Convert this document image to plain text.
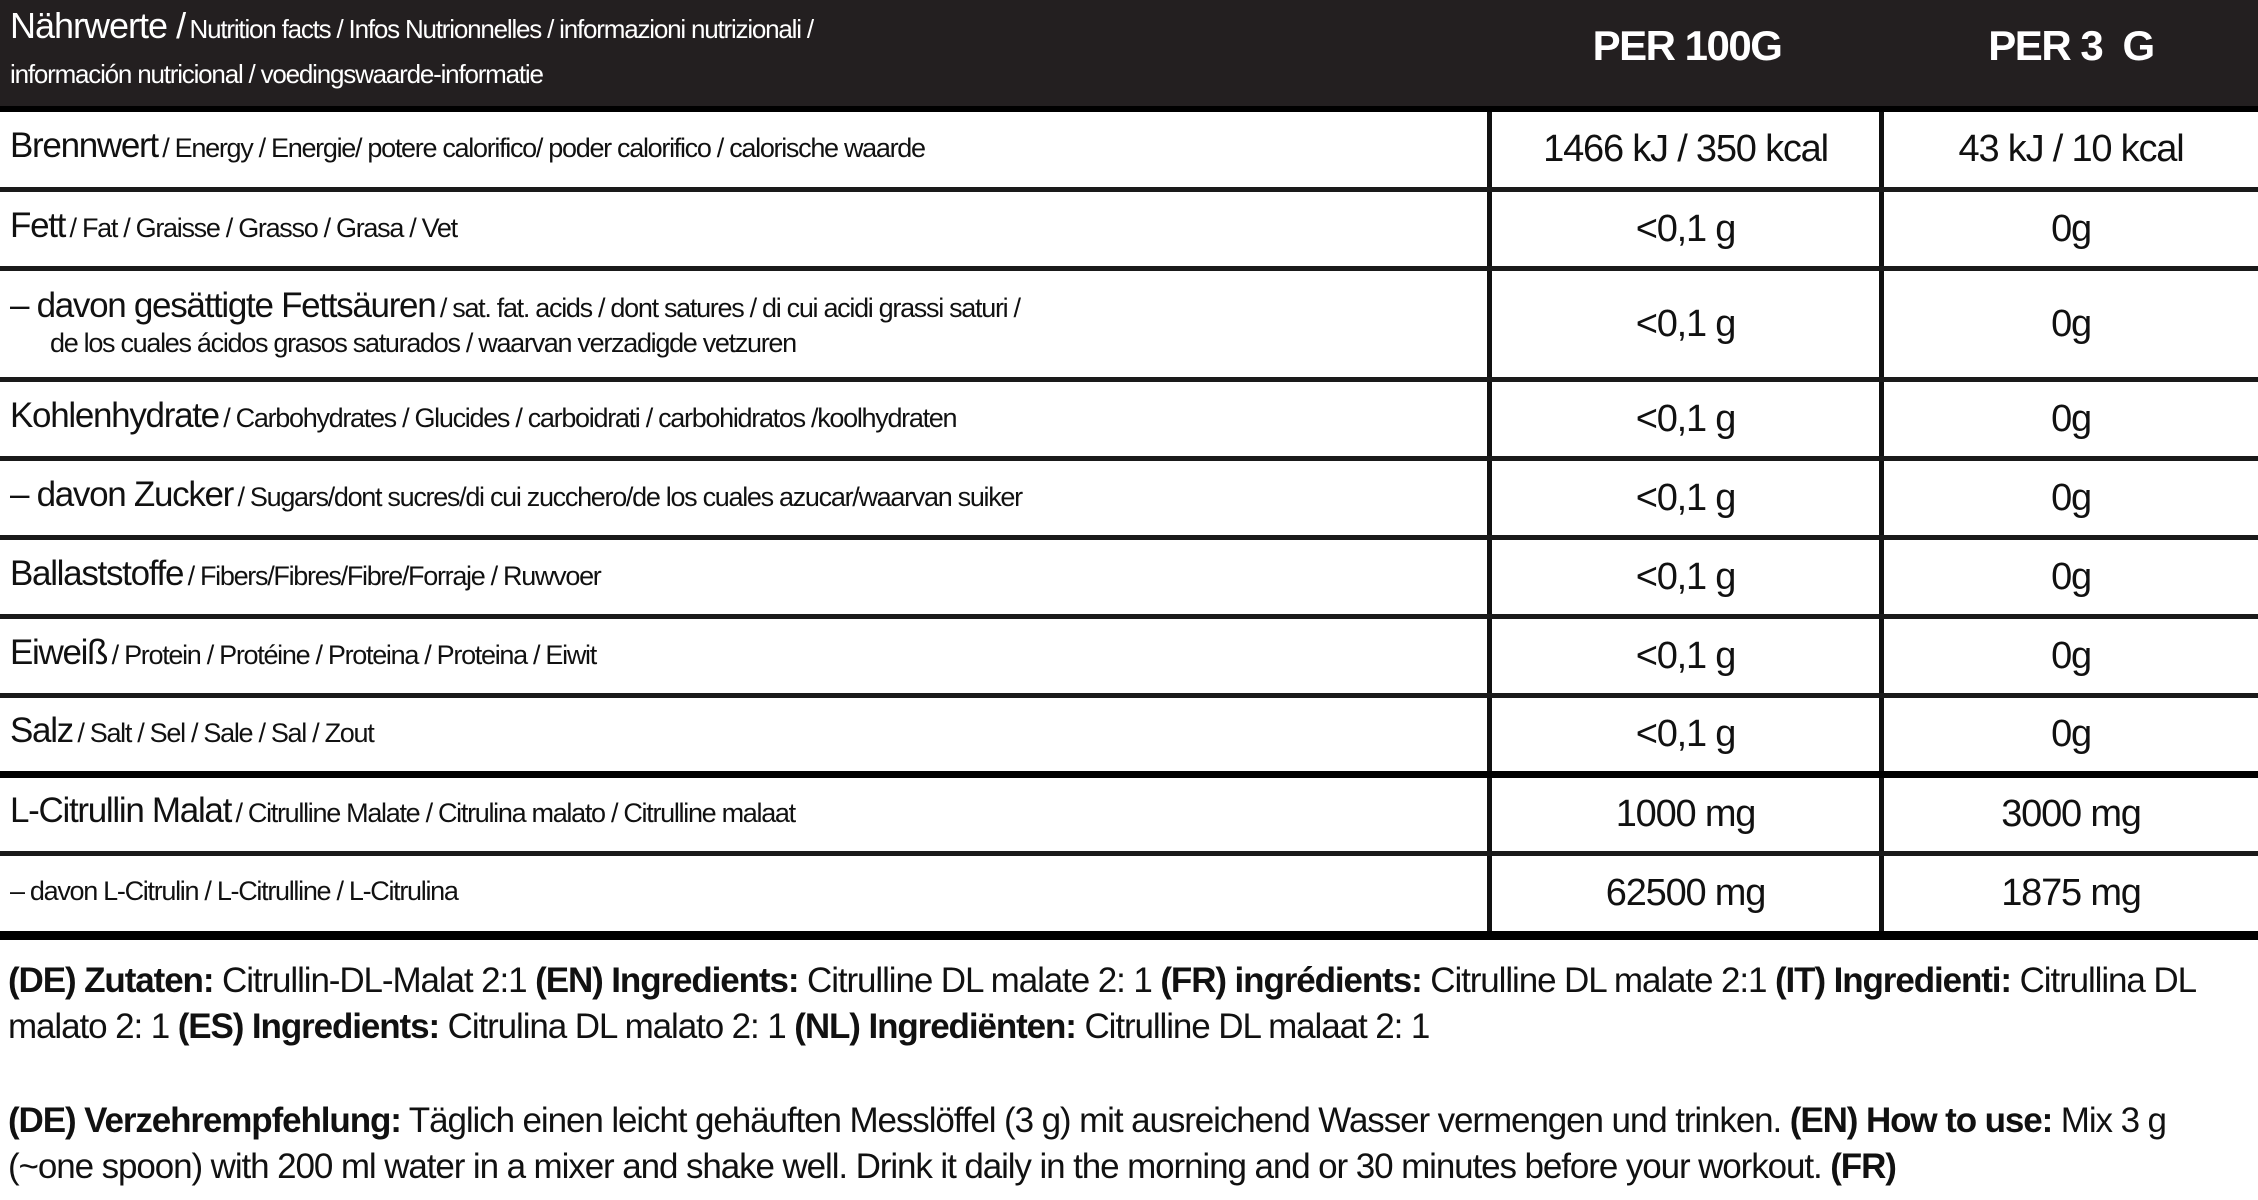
Nährwerte / Nutrition facts / Infos Nutrionnelles / informazioni nutrizionali /
información nutricional / voedingswaarde-informatie
PER 100G	PER 3  G
Brennwert / Energy / Energie/ potere calorifico/ poder calorifico / calorische waarde	1466 kJ / 350 kcal	43 kJ / 10 kcal
Fett / Fat / Graisse / Grasso / Grasa / Vet	<0,1 g	0g
– davon gesättigte Fettsäuren / sat. fat. acids / dont satures / di cui acidi grassi saturi /
de los cuales ácidos grasos saturados / waarvan verzadigde vetzuren	<0,1 g	0g
Kohlenhydrate / Carbohydrates / Glucides / carboidrati / carbohidratos /koolhydraten	<0,1 g	0g
– davon Zucker / Sugars/dont sucres/di cui zucchero/de los cuales azucar/waarvan suiker	<0,1 g	0g
Ballaststoffe / Fibers/Fibres/Fibre/Forraje / Ruwvoer	<0,1 g	0g
Eiweiß / Protein / Protéine / Proteina / Proteina / Eiwit	<0,1 g	0g
Salz / Salt / Sel / Sale / Sal / Zout	<0,1 g	0g
L-Citrullin Malat / Citrulline Malate / Citrulina malato / Citrulline malaat	1000 mg	3000 mg
– davon L-Citrulin / L-Citrulline / L-Citrulina	62500 mg	1875 mg

(DE) Zutaten: Citrullin-DL-Malat 2:1 (EN) Ingredients: Citrulline DL malate 2: 1 (FR) ingrédients: Citrulline DL malate 2:1 (IT) Ingredienti: Citrullina DL malato 2: 1 (ES) Ingredients: Citrulina DL malato 2: 1 (NL) Ingrediënten: Citrulline DL malaat 2: 1

(DE) Verzehrempfehlung: Täglich einen leicht gehäuften Messlöffel (3 g) mit ausreichend Wasser vermengen und trinken. (EN) How to use: Mix 3 g (~one spoon) with 200 ml water in a mixer and shake well. Drink it daily in the morning and or 30 minutes before your workout. (FR)
